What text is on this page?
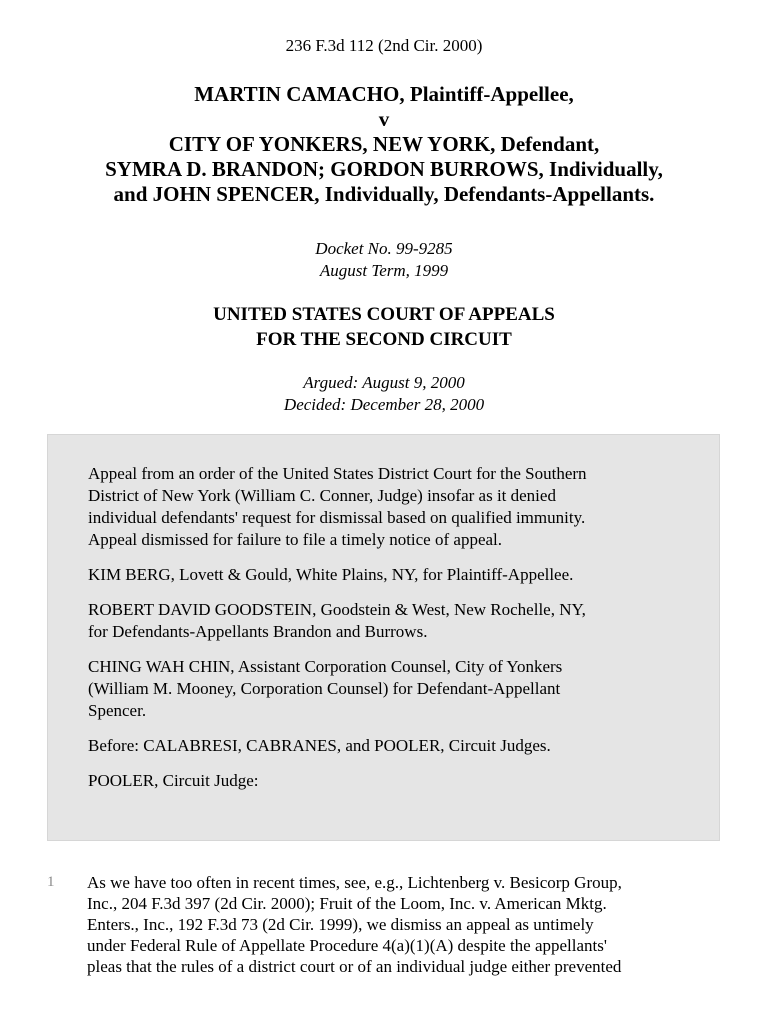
236 F.3d 112 (2nd Cir. 2000)
MARTIN CAMACHO, Plaintiff-Appellee,
v
CITY OF YONKERS, NEW YORK, Defendant,
SYMRA D. BRANDON; GORDON BURROWS, Individually,
and JOHN SPENCER, Individually, Defendants-Appellants.
Docket No. 99-9285
August Term, 1999
UNITED STATES COURT OF APPEALS
FOR THE SECOND CIRCUIT
Argued: August 9, 2000
Decided: December 28, 2000

Appeal from an order of the United States District Court for the Southern
District of New York (William C. Conner, Judge) insofar as it denied
individual defendants' request for dismissal based on qualified immunity.
Appeal dismissed for failure to file a timely notice of appeal.

KIM BERG, Lovett & Gould, White Plains, NY, for Plaintiff-Appellee.

ROBERT DAVID GOODSTEIN, Goodstein & West, New Rochelle, NY,
for Defendants-Appellants Brandon and Burrows.

CHING WAH CHIN, Assistant Corporation Counsel, City of Yonkers
(William M. Mooney, Corporation Counsel) for Defendant-Appellant
Spencer.

Before: CALABRESI, CABRANES, and POOLER, Circuit Judges.

POOLER, Circuit Judge:

1 As we have too often in recent times, see, e.g., Lichtenberg v. Besicorp Group,
Inc., 204 F.3d 397 (2d Cir. 2000); Fruit of the Loom, Inc. v. American Mktg.
Enters., Inc., 192 F.3d 73 (2d Cir. 1999), we dismiss an appeal as untimely
under Federal Rule of Appellate Procedure 4(a)(1)(A) despite the appellants'
pleas that the rules of a district court or of an individual judge either prevented
